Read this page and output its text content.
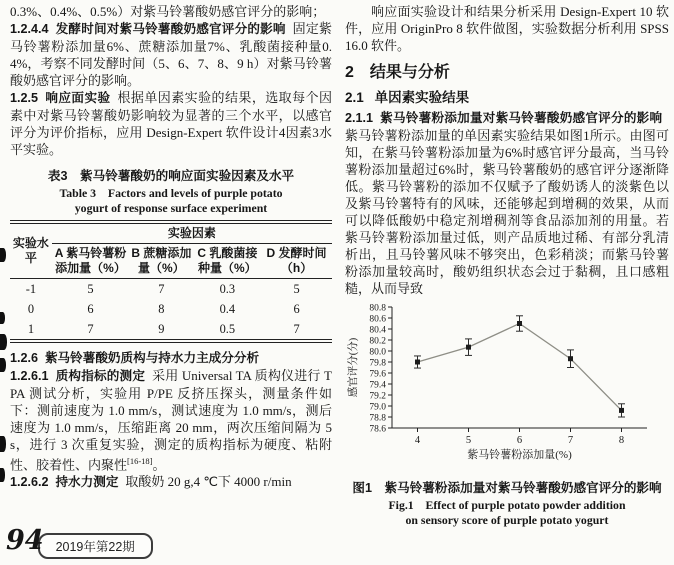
0.3%、0.4%、0.5%）对紫马铃薯酸奶感官评分的影响；

1.2.4.4 发酵时间对紫马铃薯酸奶感官评分的影响 固定紫马铃薯粉添加量6%、蔗糖添加量7%、乳酸菌接种量0.4%，考察不同发酵时间（5、6、7、8、9 h）对紫马铃薯酸奶感官评分的影响。

1.2.5 响应面实验 根据单因素实验的结果，选取每个因素中对紫马铃薯酸奶影响较为显著的三个水平，以感官评分为评价指标，应用 Design-Expert 软件设计4因素3水平实验。

表3　紫马铃薯酸奶的响应面实验因素及水平

Table 3　Factors and levels of purple potato
yogurt of response surface experiment

实验水平	实验因素			
	A 紫马铃薯粉添加量（%）	B 蔗糖添加量（%）	C 乳酸菌接种量（%）	D 发酵时间（h）
-1	5	7	0.3	5
0	6	8	0.4	6
1	7	9	0.5	7

1.2.6 紫马铃薯酸奶质构与持水力主成分分析

1.2.6.1 质构指标的测定 采用 Universal TA 质构仪进行 TPA 测试分析，实验用 P/PE 反挤压探头，测量条件如下：测前速度为 1.0 mm/s，测试速度为 1.0 mm/s，测后速度为 1.0 mm/s，压缩距离 20 mm，两次压缩间隔为 5 s，进行 3 次重复实验，测定的质构指标为硬度、粘附性、胶着性、内聚性[16-18]。

1.2.6.2 持水力测定 取酸奶 20 g,4 ℃下 4000 r/min

响应面实验设计和结果分析采用 Design-Expert 10 软件，应用 OriginPro 8 软件做图，实验数据分析利用 SPSS 16.0 软件。

2 结果与分析

2.1 单因素实验结果

2.1.1 紫马铃薯粉添加量对紫马铃薯酸奶感官评分的影响紫马铃薯粉添加量的单因素实验结果如图1所示。由图可知，在紫马铃薯粉添加量为6%时感官评分最高，当马铃薯粉添加量超过6%时，紫马铃薯酸奶的感官评分逐渐降低。紫马铃薯粉的添加不仅赋予了酸奶诱人的淡紫色以及紫马铃薯特有的风味，还能够起到增稠的效果，从而可以降低酸奶中稳定剂增稠剂等食品添加剂的用量。若紫马铃薯粉添加量过低，则产品质地过稀、有部分乳清析出，且马铃薯风味不够突出，色彩稍淡；而紫马铃薯粉添加量较高时，酸奶组织状态会过于黏稠，且口感粗糙，从而导致

78.6
78.8
79.0
79.2
79.4
79.6
79.8
80.0
80.2
80.4
80.6
80.8
4	5	6	7	8
紫马铃薯粉添加量(%)
感官评分(分)

图1　紫马铃薯粉添加量对紫马铃薯酸奶感官评分的影响

Fig.1　Effect of purple potato powder addition
on sensory score of purple potato yogurt

94 2019年第22期
